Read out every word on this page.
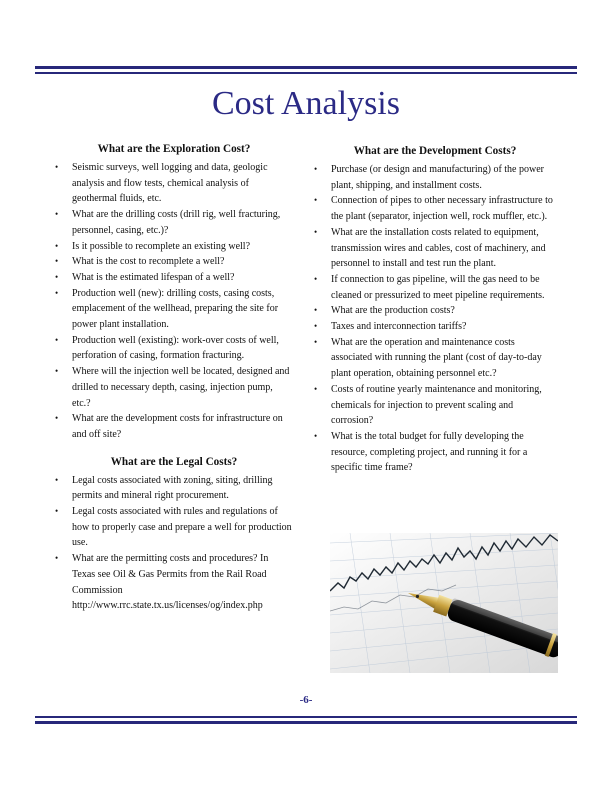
Cost Analysis
What are the Exploration Cost?
• Seismic surveys, well logging and data, geologic analysis and flow tests, chemical analysis of geothermal fluids, etc.
• What are the drilling costs (drill rig, well fracturing, personnel, casing, etc.)?
• Is it possible to recomplete an existing well?
• What is the cost to recomplete a well?
• What is the estimated lifespan of a well?
• Production well (new): drilling costs, casing costs, emplacement of the wellhead, preparing the site for power plant installation.
• Production well (existing): work-over costs of well, perforation of casing, formation fracturing.
• Where will the injection well be located, designed and drilled to necessary depth, casing, injection pump, etc.?
• What are the development costs for infrastructure on and off site?
What are the Legal Costs?
• Legal costs associated with zoning, siting, drilling permits and mineral right procurement.
• Legal costs associated with rules and regulations of how to properly case and prepare a well for production use.
• What are the permitting costs and procedures? In Texas see Oil & Gas Permits from the Rail Road Commission http://www.rrc.state.tx.us/licenses/og/index.php
What are the Development Costs?
• Purchase (or design and manufacturing) of the power plant, shipping, and installment costs.
• Connection of pipes to other necessary infrastructure to the plant (separator, injection well, rock muffler, etc.).
• What are the installation costs related to equipment, transmission wires and cables, cost of machinery, and personnel to install and test run the plant.
• If connection to gas pipeline, will the gas need to be cleaned or pressurized to meet pipeline requirements.
• What are the production costs?
• Taxes and interconnection tariffs?
• What are the operation and maintenance costs associated with running the plant (cost of day-to-day plant operation, obtaining personnel etc.?
• Costs of routine yearly maintenance and monitoring, chemicals for injection to prevent scaling and corrosion?
• What is the total budget for fully developing the resource, completing project, and running it for a specific time frame?
-6-
